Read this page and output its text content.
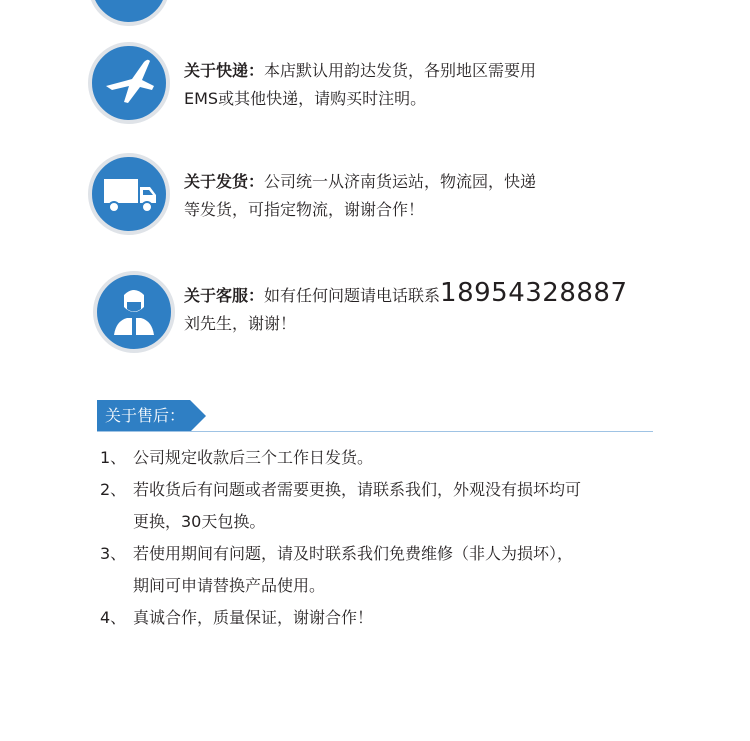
关于快递：本店默认用韵达发货，各别地区需要用
EMS或其他快递，请购买时注明。
关于发货：公司统一从济南货运站，物流园，快递
等发货，可指定物流，谢谢合作！
关于客服：如有任何问题请电话联系18954328887
刘先生，谢谢！
关于售后：
1、 公司规定收款后三个工作日发货。
2、 若收货后有问题或者需要更换，请联系我们，外观没有损坏均可
更换，30天包换。
3、 若使用期间有问题，请及时联系我们免费维修（非人为损坏），
期间可申请替换产品使用。
4、 真诚合作，质量保证，谢谢合作！
